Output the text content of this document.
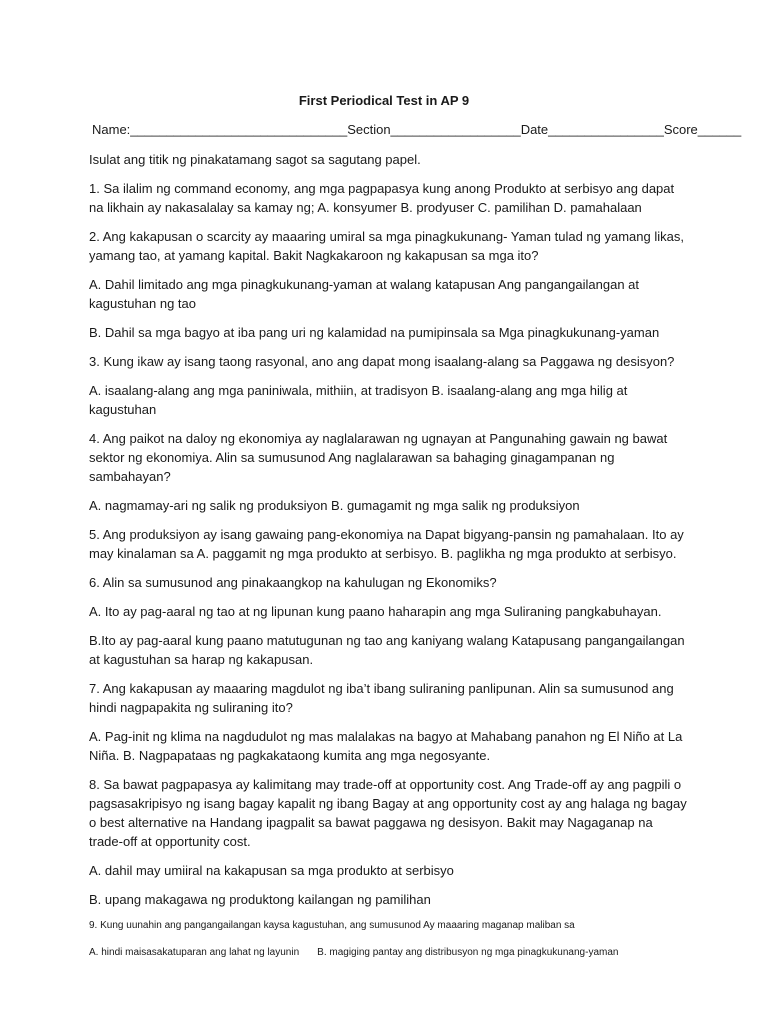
First Periodical Test in AP 9
Name:______________________________Section__________________Date________________Score______

Isulat ang titik ng pinakatamang sagot sa sagutang papel.

1. Sa ilalim ng command economy, ang mga pagpapasya kung anong Produkto at serbisyo ang dapat na likhain ay nakasalalay sa kamay ng; A. konsyumer B. prodyuser C. pamilihan D. pamahalaan

2. Ang kakapusan o scarcity ay maaaring umiral sa mga pinagkukunang- Yaman tulad ng yamang likas, yamang tao, at yamang kapital. Bakit Nagkakaroon ng kakapusan sa mga ito?

A. Dahil limitado ang mga pinagkukunang-yaman at walang katapusan Ang pangangailangan at kagustuhan ng tao

B. Dahil sa mga bagyo at iba pang uri ng kalamidad na pumipinsala sa Mga pinagkukunang-yaman

3. Kung ikaw ay isang taong rasyonal, ano ang dapat mong isaalang-alang sa Paggawa ng desisyon?

A. isaalang-alang ang mga paniniwala, mithiin, at tradisyon B. isaalang-alang ang mga hilig at kagustuhan

4. Ang paikot na daloy ng ekonomiya ay naglalarawan ng ugnayan at Pangunahing gawain ng bawat sektor ng ekonomiya. Alin sa sumusunod Ang naglalarawan sa bahaging ginagampanan ng sambahayan?

A. nagmamay-ari ng salik ng produksiyon B. gumagamit ng mga salik ng produksiyon

5. Ang produksiyon ay isang gawaing pang-ekonomiya na Dapat bigyang-pansin ng pamahalaan. Ito ay may kinalaman sa A. paggamit ng mga produkto at serbisyo. B. paglikha ng mga produkto at serbisyo.

6. Alin sa sumusunod ang pinakaangkop na kahulugan ng Ekonomiks?

A. Ito ay pag-aaral ng tao at ng lipunan kung paano haharapin ang mga Suliraning pangkabuhayan.

B.Ito ay pag-aaral kung paano matutugunan ng tao ang kaniyang walang Katapusang pangangailangan at kagustuhan sa harap ng kakapusan.

7. Ang kakapusan ay maaaring magdulot ng iba’t ibang suliraning panlipunan. Alin sa sumusunod ang hindi nagpapakita ng suliraning ito?

A. Pag-init ng klima na nagdudulot ng mas malalakas na bagyo at Mahabang panahon ng El Niño at La Niña. B. Nagpapataas ng pagkakataong kumita ang mga negosyante.

8. Sa bawat pagpapasya ay kalimitang may trade-off at opportunity cost. Ang Trade-off ay ang pagpili o pagsasakripisyo ng isang bagay kapalit ng ibang Bagay at ang opportunity cost ay ang halaga ng bagay o best alternative na Handang ipagpalit sa bawat paggawa ng desisyon. Bakit may Nagaganap na trade-off at opportunity cost.

A. dahil may umiiral na kakapusan sa mga produkto at serbisyo

B. upang makagawa ng produktong kailangan ng pamilihan

9. Kung uunahin ang pangangailangan kaysa kagustuhan, ang sumusunod Ay maaaring maganap maliban sa

A. hindi maisasakatuparan ang lahat ng layunin B. magiging pantay ang distribusyon ng mga pinagkukunang-yaman
